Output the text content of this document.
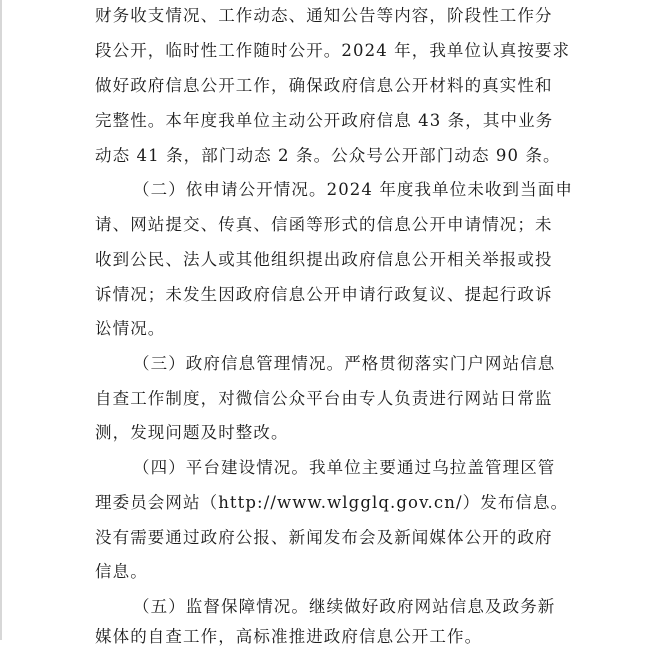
财务收支情况、工作动态、通知公告等内容，阶段性工作分
段公开，临时性工作随时公开。2024 年，我单位认真按要求
做好政府信息公开工作，确保政府信息公开材料的真实性和
完整性。本年度我单位主动公开政府信息 43 条，其中业务
动态 41 条，部门动态 2 条。公众号公开部门动态 90 条。
（二）依申请公开情况。2024 年度我单位未收到当面申
请、网站提交、传真、信函等形式的信息公开申请情况；未
收到公民、法人或其他组织提出政府信息公开相关举报或投
诉情况；未发生因政府信息公开申请行政复议、提起行政诉
讼情况。
（三）政府信息管理情况。严格贯彻落实门户网站信息
自查工作制度，对微信公众平台由专人负责进行网站日常监
测，发现问题及时整改。
（四）平台建设情况。我单位主要通过乌拉盖管理区管
理委员会网站（http://www.wlgglq.gov.cn/）发布信息。
没有需要通过政府公报、新闻发布会及新闻媒体公开的政府
信息。
（五）监督保障情况。继续做好政府网站信息及政务新
媒体的自查工作，高标准推进政府信息公开工作。
